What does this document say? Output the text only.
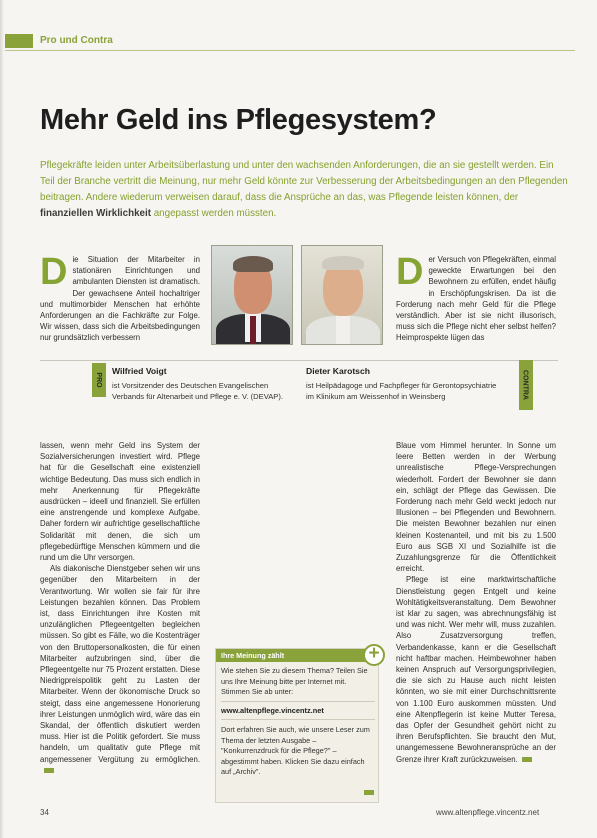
Pro und Contra
Mehr Geld ins Pflegesystem?

Pflegekräfte leiden unter Arbeitsüberlastung und unter den wachsenden Anforderungen, die an sie gestellt werden. Ein Teil der Branche vertritt die Meinung, nur mehr Geld könnte zur Verbesserung der Arbeitsbedingungen an den Pflegenden beitragen. Andere wiederum verweisen darauf, dass die Ansprüche an das, was Pflegende leisten können, der finanziellen Wirklichkeit angepasst werden müssten.

Die Situation der Mitarbeiter in stationären Einrichtungen und ambulanten Diensten ist dramatisch. Der gewachsene Anteil hochaltriger und multimorbider Menschen hat erhöhte Anforderungen an die Fachkräfte zur Folge. Wir wissen, dass sich die Arbeitsbedingungen nur grundsätzlich verbessern
Der Versuch von Pflegekräften, einmal geweckte Erwartungen bei den Bewohnern zu erfüllen, endet häufig in Erschöpfungskrisen. Da ist die Forderung nach mehr Geld für die Pflege verständlich. Aber ist sie nicht illusorisch, muss sich die Pflege nicht eher selbst helfen? Heimprospekte lügen das
PRO
Wilfried Voigt
ist Vorsitzender des Deutschen Evangelischen Verbands für Altenarbeit und Pflege e. V. (DEVAP).
Dieter Karotsch
ist Heilpädagoge und Fachpfleger für Gerontopsychiatrie im Klinikum am Weissenhof in Weinsberg	CONTRA

lassen, wenn mehr Geld ins System der Sozialversicherungen investiert wird. Pflege hat für die Gesellschaft eine existenziell wichtige Bedeutung. Das muss sich endlich in mehr Anerkennung für Pflegekräfte ausdrücken – ideell und finanziell. Sie erfüllen eine anstrengende und komplexe Aufgabe. Daher fordern wir aufrichtige gesellschaftliche Solidarität mit denen, die sich um pflegebedürftige Menschen kümmern und die rund um die Uhr versorgen.

Als diakonische Dienstgeber sehen wir uns gegenüber den Mitarbeitern in der Verantwortung. Wir wollen sie fair für ihre Leistungen bezahlen können. Das Problem ist, dass Einrichtungen ihre Kosten mit unzulänglichen Pflegeentgelten begleichen müssen. So gibt es Fälle, wo die Kostenträger von den Bruttopersonalkosten, die für einen Mitarbeiter aufzubringen sind, über die Pflegeentgelte nur 75 Prozent erstatten. Diese Niedrigpreispolitik geht zu Lasten der Mitarbeiter. Wenn der ökonomische Druck so steigt, dass eine angemessene Honorierung ihrer Leistungen unmöglich wird, wäre das ein Skandal, der öffentlich diskutiert werden muss. Hier ist die Politik gefordert. Sie muss handeln, um qualitativ gute Pflege mit angemessener Vergütung zu ermöglichen.

Blaue vom Himmel herunter. In Sonne um leere Betten werden in der Werbung unrealistische Pflege-Versprechungen wiederholt. Fordert der Bewohner sie dann ein, schlägt der Pflege das Gewissen. Die Forderung nach mehr Geld weckt jedoch nur Illusionen – bei Pflegenden und Bewohnern. Die meisten Bewohner bezahlen nur einen kleinen Kostenanteil, und mit bis zu 1.500 Euro aus SGB XI und Sozialhilfe ist die Zuzahlungsgrenze für die Öffentlichkeit erreicht.

Pflege ist eine marktwirtschaftliche Dienstleistung gegen Entgelt und keine Wohltätigkeitsveranstaltung. Dem Bewohner ist klar zu sagen, was abrechnungsfähig ist und was nicht. Wer mehr will, muss zuzahlen. Also Zusatzversorgung treffen, Verbandenkasse, kann er die Gesellschaft nicht haftbar machen. Heimbewohner haben keinen Anspruch auf Versorgungsprivilegien, die sie sich zu Hause auch nicht leisten könnten, wo sie mit einer Durchschnittsrente von 1.100 Euro auskommen müssten. Und eine Altenpflegerin ist keine Mutter Teresa, das Opfer der Gesundheit gehört nicht zu ihren Berufspflichten. Sie braucht den Mut, unangemessene Bewohneransprüche an der Grenze ihrer Kraft zurückzuweisen.

Ihre Meinung zählt	+
Wie stehen Sie zu diesem Thema? Teilen Sie uns Ihre Meinung bitte per Internet mit. Stimmen Sie ab unter:
www.altenpflege.vincentz.net
Dort erfahren Sie auch, wie unsere Leser zum Thema der letzten Ausgabe – "Konkurrenzdruck für die Pflege?" – abgestimmt haben. Klicken Sie dazu einfach auf „Archiv".
34	www.altenpflege.vincentz.net
